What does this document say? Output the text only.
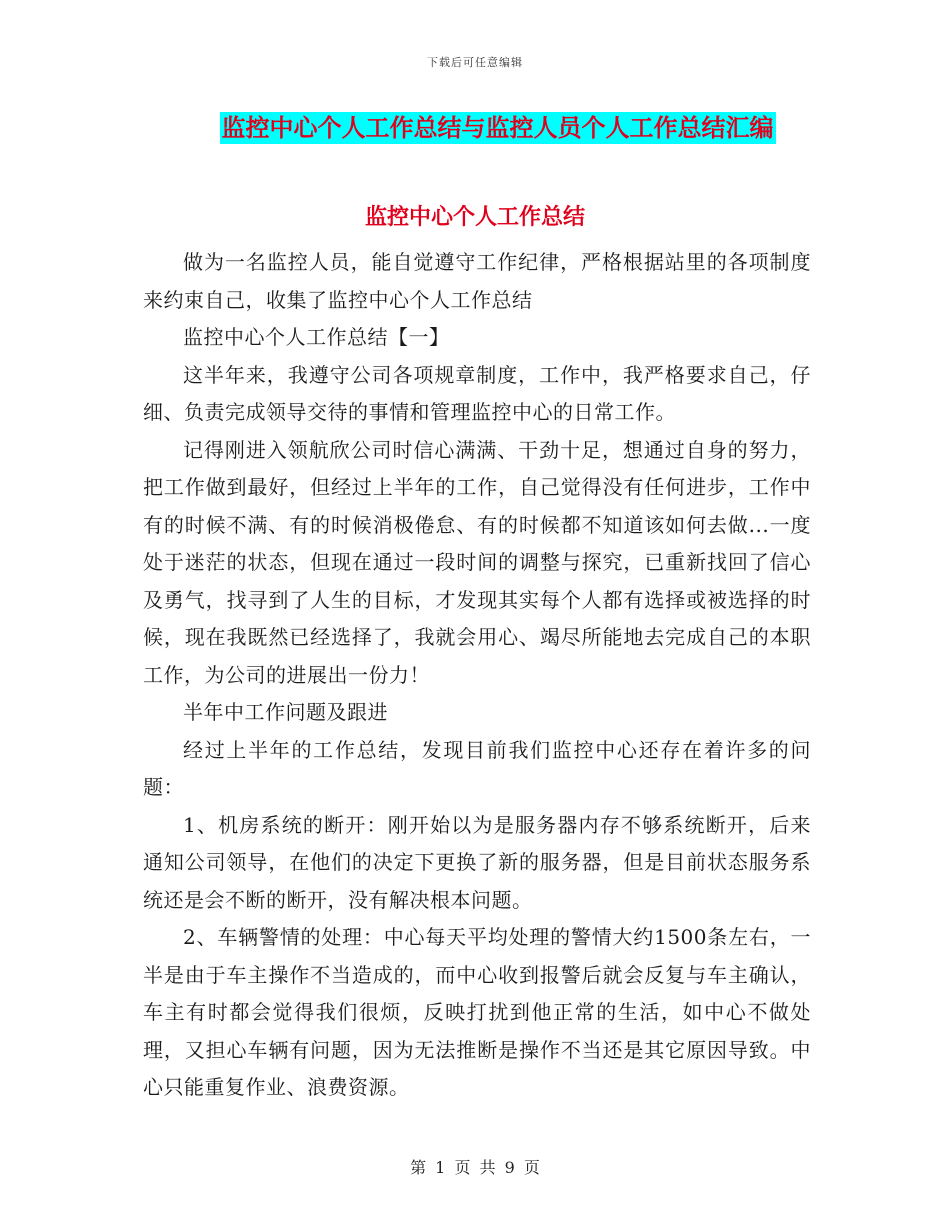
下载后可任意编辑
监控中心个人工作总结与监控人员个人工作总结汇编
监控中心个人工作总结

做为一名监控人员，能自觉遵守工作纪律，严格根据站里的各项制度来约束自己，收集了监控中心个人工作总结

监控中心个人工作总结【一】

这半年来，我遵守公司各项规章制度，工作中，我严格要求自己，仔细、负责完成领导交待的事情和管理监控中心的日常工作。

记得刚进入领航欣公司时信心满满、干劲十足，想通过自身的努力，把工作做到最好，但经过上半年的工作，自己觉得没有任何进步，工作中有的时候不满、有的时候消极倦怠、有的时候都不知道该如何去做...一度处于迷茫的状态，但现在通过一段时间的调整与探究，已重新找回了信心及勇气，找寻到了人生的目标，才发现其实每个人都有选择或被选择的时候，现在我既然已经选择了，我就会用心、竭尽所能地去完成自己的本职工作，为公司的进展出一份力！

半年中工作问题及跟进

经过上半年的工作总结，发现目前我们监控中心还存在着许多的问题：

1、机房系统的断开：刚开始以为是服务器内存不够系统断开，后来通知公司领导，在他们的决定下更换了新的服务器，但是目前状态服务系统还是会不断的断开，没有解决根本问题。

2、车辆警情的处理：中心每天平均处理的警情大约1500条左右，一半是由于车主操作不当造成的，而中心收到报警后就会反复与车主确认，车主有时都会觉得我们很烦，反映打扰到他正常的生活，如中心不做处理，又担心车辆有问题，因为无法推断是操作不当还是其它原因导致。中心只能重复作业、浪费资源。

第 1 页 共 9 页
